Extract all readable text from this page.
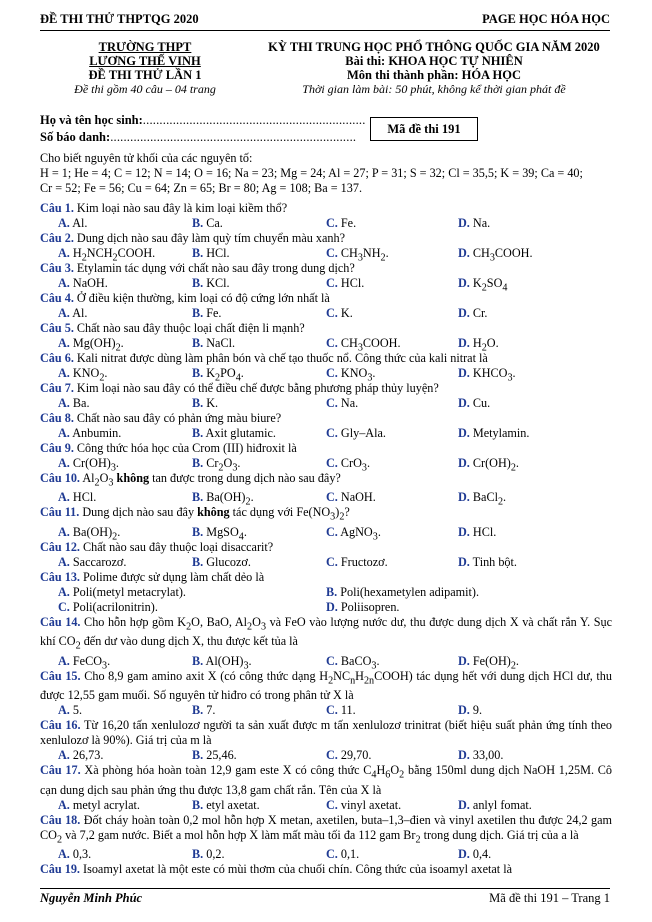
ĐỀ THI THỬ THPTQG 2020	PAGE HỌC HÓA HỌC
TRƯỜNG THPT
LƯƠNG THẾ VINH
ĐỀ THI THỬ LẦN 1
Đề thi gồm 40 câu – 04 trang
KỲ THI TRUNG HỌC PHỔ THÔNG QUỐC GIA NĂM 2020
Bài thi: KHOA HỌC TỰ NHIÊN
Môn thi thành phần: HÓA HỌC
Thời gian làm bài: 50 phút, không kể thời gian phát đề
Họ và tên học sinh:...................................................................
Số báo danh:..........................................................................
Mã đề thi 191
Cho biết nguyên tử khối của các nguyên tố:
H = 1; He = 4; C = 12; N = 14; O = 16; Na = 23; Mg = 24; Al = 27; P = 31; S = 32; Cl = 35,5; K = 39; Ca = 40;
Cr = 52; Fe = 56; Cu = 64; Zn = 65; Br = 80; Ag = 108; Ba = 137.
Câu 1. Kim loại nào sau đây là kim loại kiềm thổ?
A. Al.	B. Ca.	C. Fe.	D. Na.
Câu 2. Dung dịch nào sau đây làm quỳ tím chuyển màu xanh?
A. $H_2NCH_2COOH$.	B. HCl.	C. $CH_3NH_2$.	D. $CH_3COOH$.
Câu 3. Etylamin tác dụng với chất nào sau đây trong dung dịch?
A. NaOH.	B. KCl.	C. HCl.	D. $K_2SO_4$
Câu 4. Ở điều kiện thường, kim loại có độ cứng lớn nhất là
A. Al.	B. Fe.	C. K.	D. Cr.
Câu 5. Chất nào sau đây thuộc loại chất điện li mạnh?
A. $Mg(OH)_2$.	B. NaCl.	C. $CH_3COOH$.	D. $H_2O$.
Câu 6. Kali nitrat được dùng làm phân bón và chế tạo thuốc nổ. Công thức của kali nitrat là
A. $KNO_2$.	B. $K_2PO_4$.	C. $KNO_3$.	D. $KHCO_3$.
Câu 7. Kim loại nào sau đây có thể điều chế được bằng phương pháp thủy luyện?
A. Ba.	B. K.	C. Na.	D. Cu.
Câu 8. Chất nào sau đây có phản ứng màu biure?
A. Anbumin.	B. Axit glutamic.	C. Gly–Ala.	D. Metylamin.
Câu 9. Công thức hóa học của Crom (III) hiđroxit là
A. $Cr(OH)_3$.	B. $Cr_2O_3$.	C. CrO$_3$.	D. $Cr(OH)_2$.
Câu 10. $Al_2O_3$ không tan được trong dung dịch nào sau đây?
A. HCl.	B. $Ba(OH)_2$.	C. NaOH.	D. BaCl$_2$.
Câu 11. Dung dịch nào sau đây không tác dụng với $Fe(NO_3)_2$?
A. $Ba(OH)_2$.	B. MgSO$_4$.	C. AgNO$_3$.	D. HCl.
Câu 12. Chất nào sau đây thuộc loại disaccarit?
A. Saccarozơ.	B. Glucozơ.	C. Fructozơ.	D. Tinh bột.
Câu 13. Polime được sử dụng làm chất dẻo là
A. Poli(metyl metacrylat).	B. Poli(hexametylen adipamit).
C. Poli(acrilonitrin).	D. Poliisopren.
Câu 14. Cho hỗn hợp gồm $K_2O$, BaO, $Al_2O_3$ và FeO vào lượng nước dư, thu được dung dịch X và chất rắn Y. Sục khí $CO_2$ đến dư vào dung dịch X, thu được kết tủa là
A. FeCO$_3$.	B. $Al(OH)_3$.	C. BaCO$_3$.	D. $Fe(OH)_2$.
Câu 15. Cho 8,9 gam amino axit X (có công thức dạng $H_2NC_nH_{2n}COOH$) tác dụng hết với dung dịch HCl dư, thu được 12,55 gam muối. Số nguyên tử hiđro có trong phân tử X là
A. 5.	B. 7.	C. 11.	D. 9.
Câu 16. Từ 16,20 tấn xenlulozơ người ta sản xuất được m tấn xenlulozơ trinitrat (biết hiệu suất phản ứng tính theo xenlulozơ là 90%). Giá trị của m là
A. 26,73.	B. 25,46.	C. 29,70.	D. 33,00.
Câu 17. Xà phòng hóa hoàn toàn 12,9 gam este X có công thức $C_4H_6O_2$ bằng 150ml dung dịch NaOH 1,25M. Cô cạn dung dịch sau phản ứng thu được 13,8 gam chất rắn. Tên của X là
A. metyl acrylat.	B. etyl axetat.	C. vinyl axetat.	D. anlyl fomat.
Câu 18. Đốt cháy hoàn toàn 0,2 mol hỗn hợp X metan, axetilen, buta–1,3–đien và vinyl axetilen thu được 24,2 gam $CO_2$ và 7,2 gam nước. Biết a mol hỗn hợp X làm mất màu tối đa 112 gam $Br_2$ trong dung dịch. Giá trị của a là
A. 0,3.	B. 0,2.	C. 0,1.	D. 0,4.
Câu 19. Isoamyl axetat là một este có mùi thơm của chuối chín. Công thức của isoamyl axetat là
Nguyễn Minh Phúc	Mã đề thi 191 – Trang 1
